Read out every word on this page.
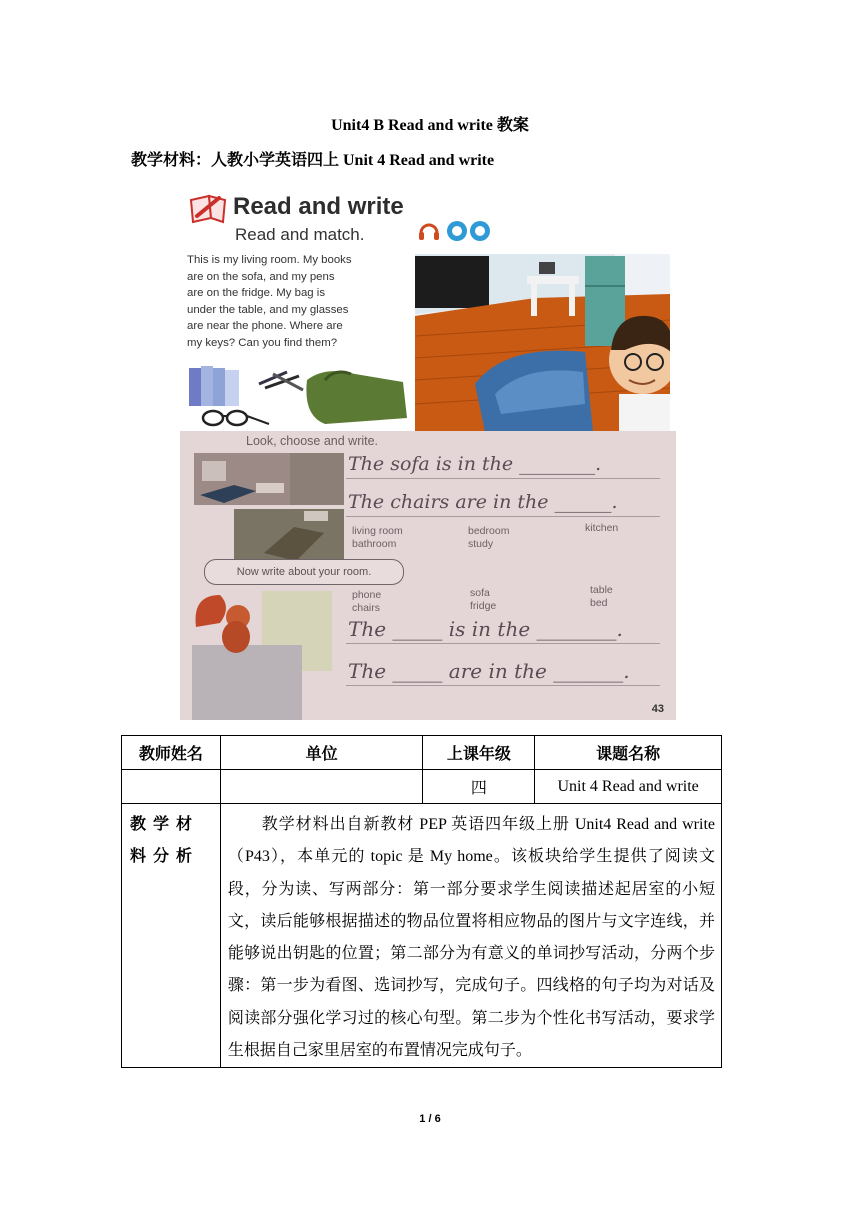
Unit4 B Read and write 教案
教学材料：人教小学英语四上 Unit 4 Read and write
Read and write
Read and match.
This is my living room. My books
are on the sofa, and my pens
are on the fridge. My bag is
under the table, and my glasses
are near the phone. Where are
my keys? Can you find them?
Look, choose and write.
The sofa is in the ________.
The chairs are in the ______.
living room
bathroom
bedroom
study
kitchen
Now write about your room.
phone
chairs
sofa
fridge
table
bed
The _____ is in the ________.
The _____ are in the _______.
43
教师姓名	单位	上课年级	课题名称
		四	Unit 4 Read and write
教学材料分析	　　教学材料出自新教材 PEP 英语四年级上册 Unit4 Read and write（P43），本单元的 topic 是 My home。该板块给学生提供了阅读文段，分为读、写两部分：第一部分要求学生阅读描述起居室的小短文，读后能够根据描述的物品位置将相应物品的图片与文字连线，并能够说出钥匙的位置；第二部分为有意义的单词抄写活动，分两个步骤：第一步为看图、选词抄写，完成句子。四线格的句子均为对话及阅读部分强化学习过的核心句型。第二步为个性化书写活动，要求学生根据自己家里居室的布置情况完成句子。		
1 / 6
